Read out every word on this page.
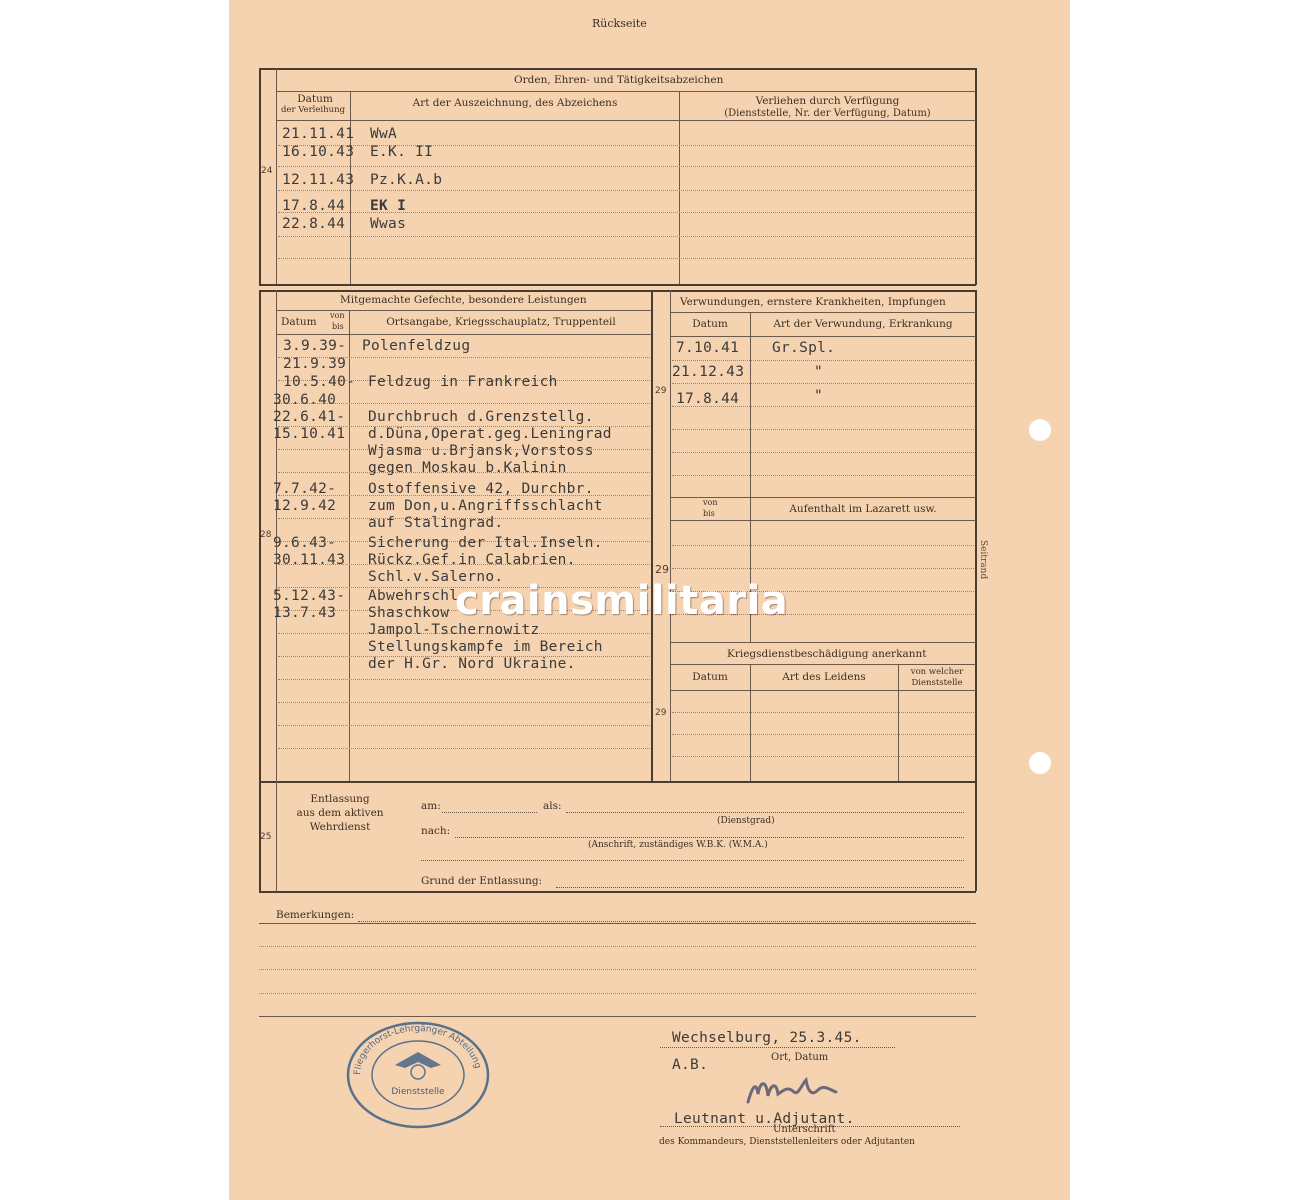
Rückseite
Orden, Ehren- und Tätigkeitsabzeichen
Datum
der Verleihung
Art der Auszeichnung, des Abzeichens	Verliehen durch Verfügung
(Dienststelle, Nr. der Verfügung, Datum)
24
21.11.41 WwA
16.10.43 E.K. II
12.11.43 Pz.K.A.b
17.8.44 EK I
22.8.44 Wwas
Mitgemachte Gefechte, besondere Leistungen
Datum
von
bis	Ortsangabe, Kriegsschauplatz, Truppenteil
28
3.9.39- Polenfeldzug
21.9.39
10.5.40- Feldzug in Frankreich
30.6.40
22.6.41- Durchbruch d.Grenzstellg.
15.10.41 d.Düna,Operat.geg.Leningrad
Wjasma u.Brjansk,Vorstoss
gegen Moskau b.Kalinin
7.7.42- Ostoffensive 42, Durchbr.
12.9.42 zum Don,u.Angriffsschlacht
auf Stalingrad.
9.6.43- Sicherung der Ital.Inseln.
30.11.43 Rückz.Gef.in Calabrien.
Schl.v.Salerno.
5.12.43- Abwehrschl.
13.7.43 Shaschkow
Jampol-Tschernowitz
Stellungskampfe im Bereich
der H.Gr. Nord Ukraine.
Verwundungen, ernstere Krankheiten, Impfungen
Datum	Art der Verwundung, Erkrankung
29
7.10.41 Gr.Spl.
21.12.43	"
17.8.44	"
von
bis	Aufenthalt im Lazarett usw.
29
Kriegsdienstbeschädigung anerkannt
Datum	Art des Leidens	von welcher
Dienststelle
29
25
Entlassung
aus dem aktiven
Wehrdienst
am:	als:
(Dienstgrad)
nach:
(Anschrift, zuständiges W.B.K. (W.M.A.)
Grund der Entlassung:
Bemerkungen:
Wechselburg, 25.3.45.
Ort, Datum
A.B.
Leutnant u.Adjutant.
Unterschrift
des Kommandeurs, Dienststellenleiters oder Adjutanten
Fliegerhorst-Lehrgänger Abteilung
Dienststelle
Seitrand
crainsmilitaria
